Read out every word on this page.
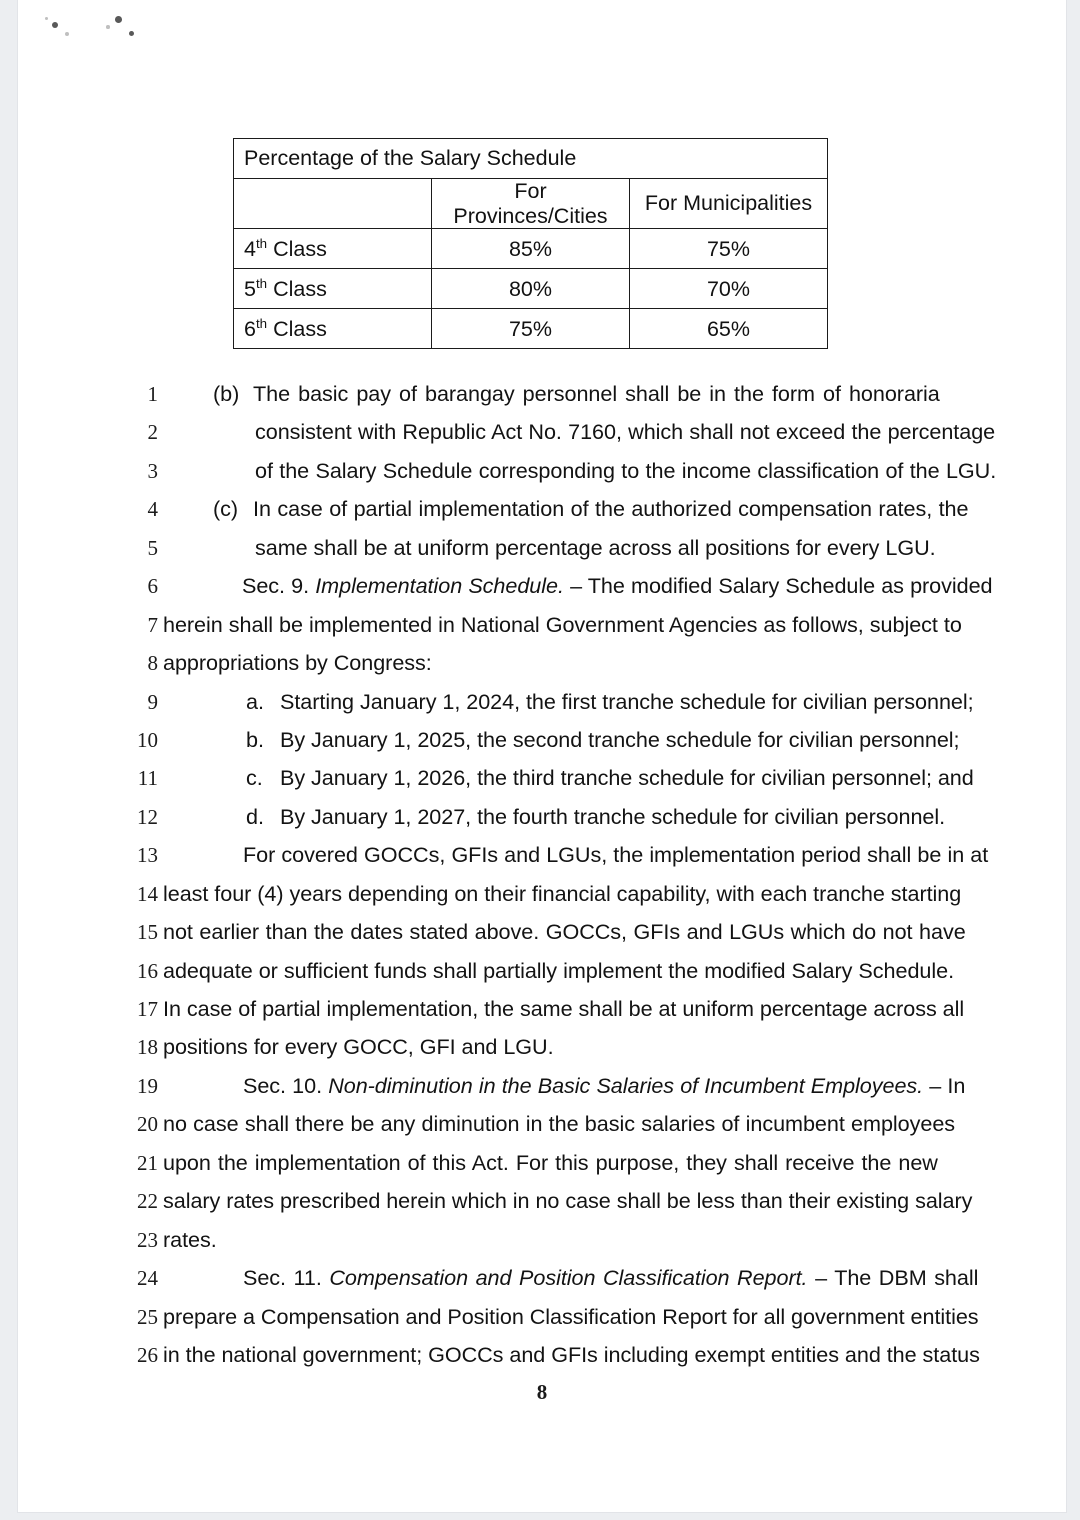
Percentage of the Salary Schedule		
	For Provinces/Cities	For Municipalities
4th Class	85%	75%
5th Class	80%	70%
6th Class	75%	65%
1	(b) The basic pay of barangay personnel shall be in the form of honoraria
2	consistent with Republic Act No. 7160, which shall not exceed the percentage
3	of the Salary Schedule corresponding to the income classification of the LGU.
4	(c) In case of partial implementation of the authorized compensation rates, the
5	same shall be at uniform percentage across all positions for every LGU.
6	Sec. 9. Implementation Schedule. – The modified Salary Schedule as provided
7 herein shall be implemented in National Government Agencies as follows, subject to
8 appropriations by Congress:
9	a. Starting January 1, 2024, the first tranche schedule for civilian personnel;
10	b. By January 1, 2025, the second tranche schedule for civilian personnel;
11	c. By January 1, 2026, the third tranche schedule for civilian personnel; and
12	d. By January 1, 2027, the fourth tranche schedule for civilian personnel.
13	For covered GOCCs, GFIs and LGUs, the implementation period shall be in at
14 least four (4) years depending on their financial capability, with each tranche starting
15 not earlier than the dates stated above. GOCCs, GFIs and LGUs which do not have
16 adequate or sufficient funds shall partially implement the modified Salary Schedule.
17 In case of partial implementation, the same shall be at uniform percentage across all
18 positions for every GOCC, GFI and LGU.
19	Sec. 10. Non-diminution in the Basic Salaries of Incumbent Employees. – In
20 no case shall there be any diminution in the basic salaries of incumbent employees
21 upon the implementation of this Act. For this purpose, they shall receive the new
22 salary rates prescribed herein which in no case shall be less than their existing salary
23 rates.
24	Sec. 11. Compensation and Position Classification Report. – The DBM shall
25 prepare a Compensation and Position Classification Report for all government entities
26 in the national government; GOCCs and GFIs including exempt entities and the status
8
